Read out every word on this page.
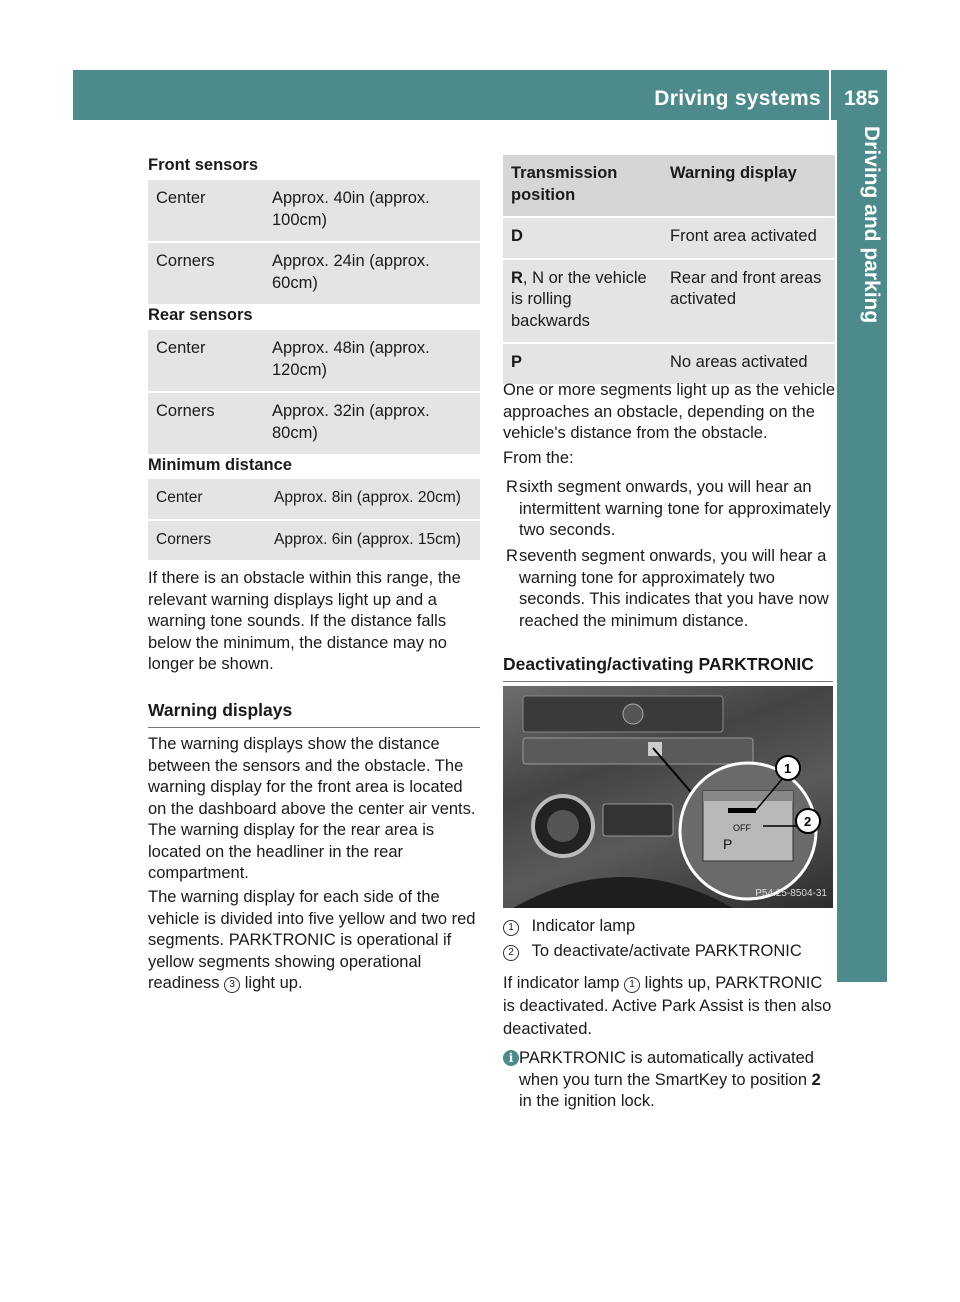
Driving systems 185
Driving and parking

Front sensors

Center	Approx. 40in (approx. 100cm)
Corners	Approx. 24in (approx. 60cm)

Rear sensors

Center	Approx. 48in (approx. 120cm)
Corners	Approx. 32in (approx. 80cm)

Minimum distance

Center	Approx. 8in (approx. 20cm)
Corners	Approx. 6in (approx. 15cm)

If there is an obstacle within this range, the relevant warning displays light up and a warning tone sounds. If the distance falls below the minimum, the distance may no longer be shown.

Warning displays

The warning displays show the distance between the sensors and the obstacle. The warning display for the front area is located on the dashboard above the center air vents. The warning display for the rear area is located on the headliner in the rear compartment.

The warning display for each side of the vehicle is divided into five yellow and two red segments. PARKTRONIC is operational if yellow segments showing operational readiness 3 light up.

Transmission position	Warning display
D	Front area activated
R, N or the vehicle is rolling backwards	Rear and front areas activated
P	No areas activated

One or more segments light up as the vehicle approaches an obstacle, depending on the vehicle's distance from the obstacle.

From the:

R sixth segment onwards, you will hear an intermittent warning tone for approximately two seconds.
R seventh segment onwards, you will hear a warning tone for approximately two seconds. This indicates that you have now reached the minimum distance.

Deactivating/activating PARKTRONIC

OFF
P
1
2
P54.25-8504-31

1 Indicator lamp

2 To deactivate/activate PARKTRONIC

If indicator lamp 1 lights up, PARKTRONIC is deactivated. Active Park Assist is then also deactivated.

i PARKTRONIC is automatically activated when you turn the SmartKey to position 2 in the ignition lock.
